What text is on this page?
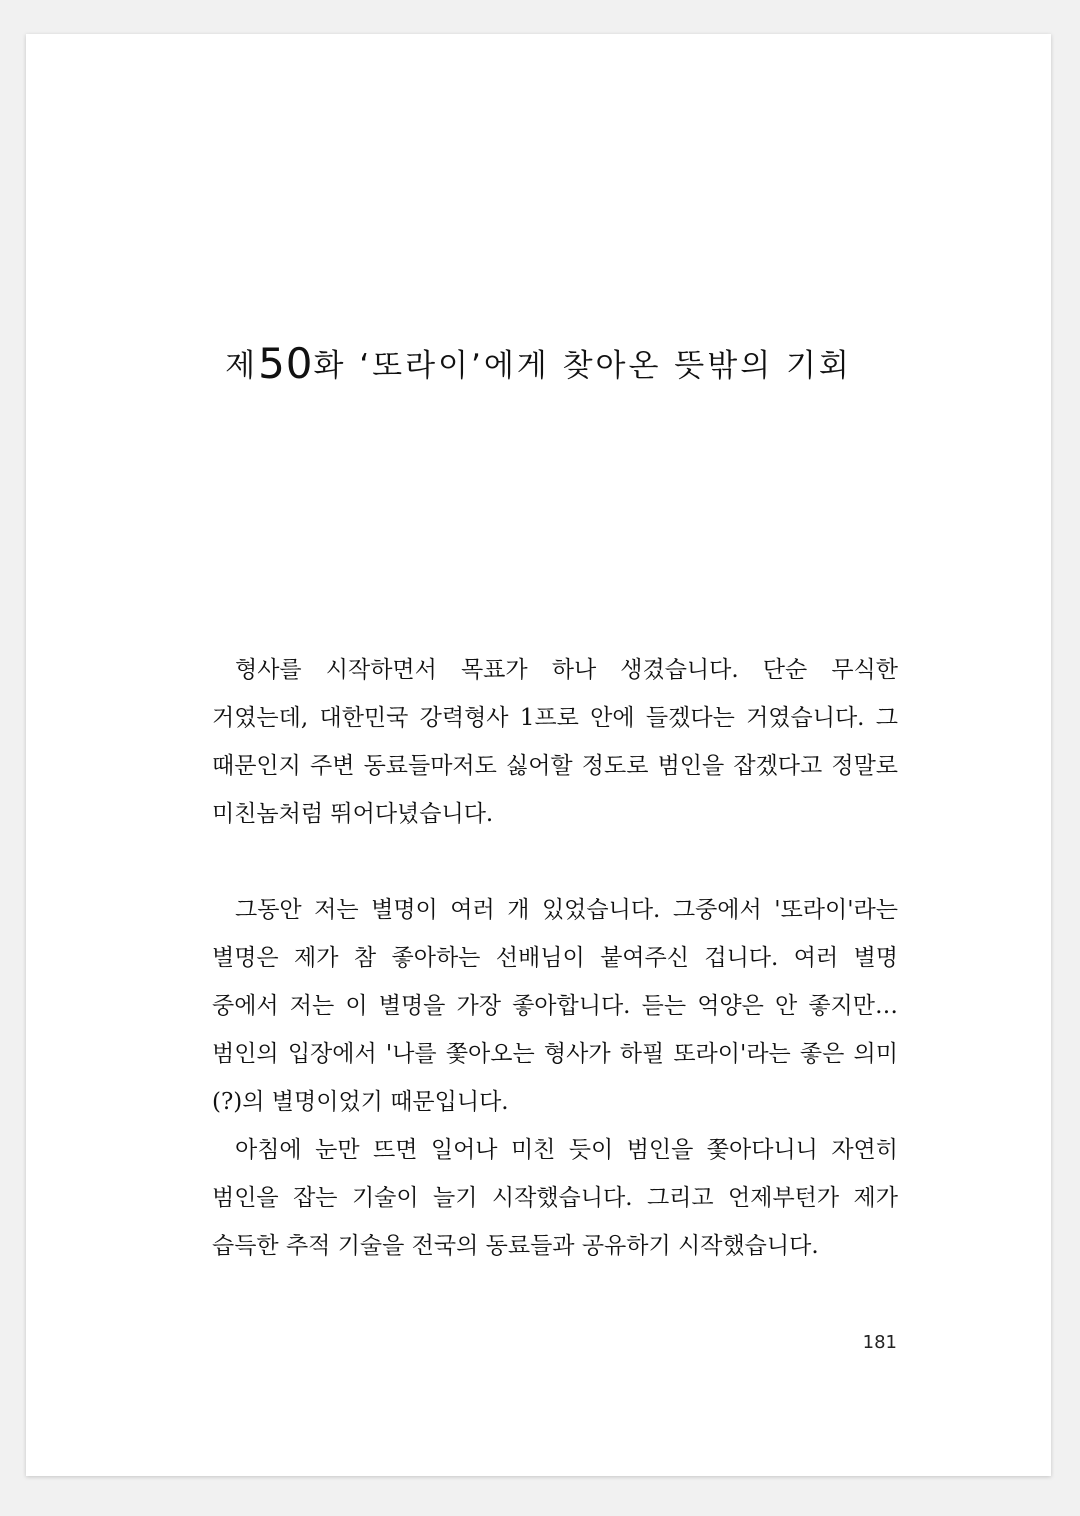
제50화 ‘또라이’에게 찾아온 뜻밖의 기회

형사를 시작하면서 목표가 하나 생겼습니다. 단순 무식한 거였는데, 대한민국 강력형사 1프로 안에 들겠다는 거였습니다. 그 때문인지 주변 동료들마저도 싫어할 정도로 범인을 잡겠다고 정말로 미친놈처럼 뛰어다녔습니다.

그동안 저는 별명이 여러 개 있었습니다. 그중에서 '또라이'라는 별명은 제가 참 좋아하는 선배님이 붙여주신 겁니다. 여러 별명 중에서 저는 이 별명을 가장 좋아합니다. 듣는 억양은 안 좋지만… 범인의 입장에서 '나를 쫓아오는 형사가 하필 또라이'라는 좋은 의미(?)의 별명이었기 때문입니다.

아침에 눈만 뜨면 일어나 미친 듯이 범인을 쫓아다니니 자연히 범인을 잡는 기술이 늘기 시작했습니다. 그리고 언제부턴가 제가 습득한 추적 기술을 전국의 동료들과 공유하기 시작했습니다.

181
